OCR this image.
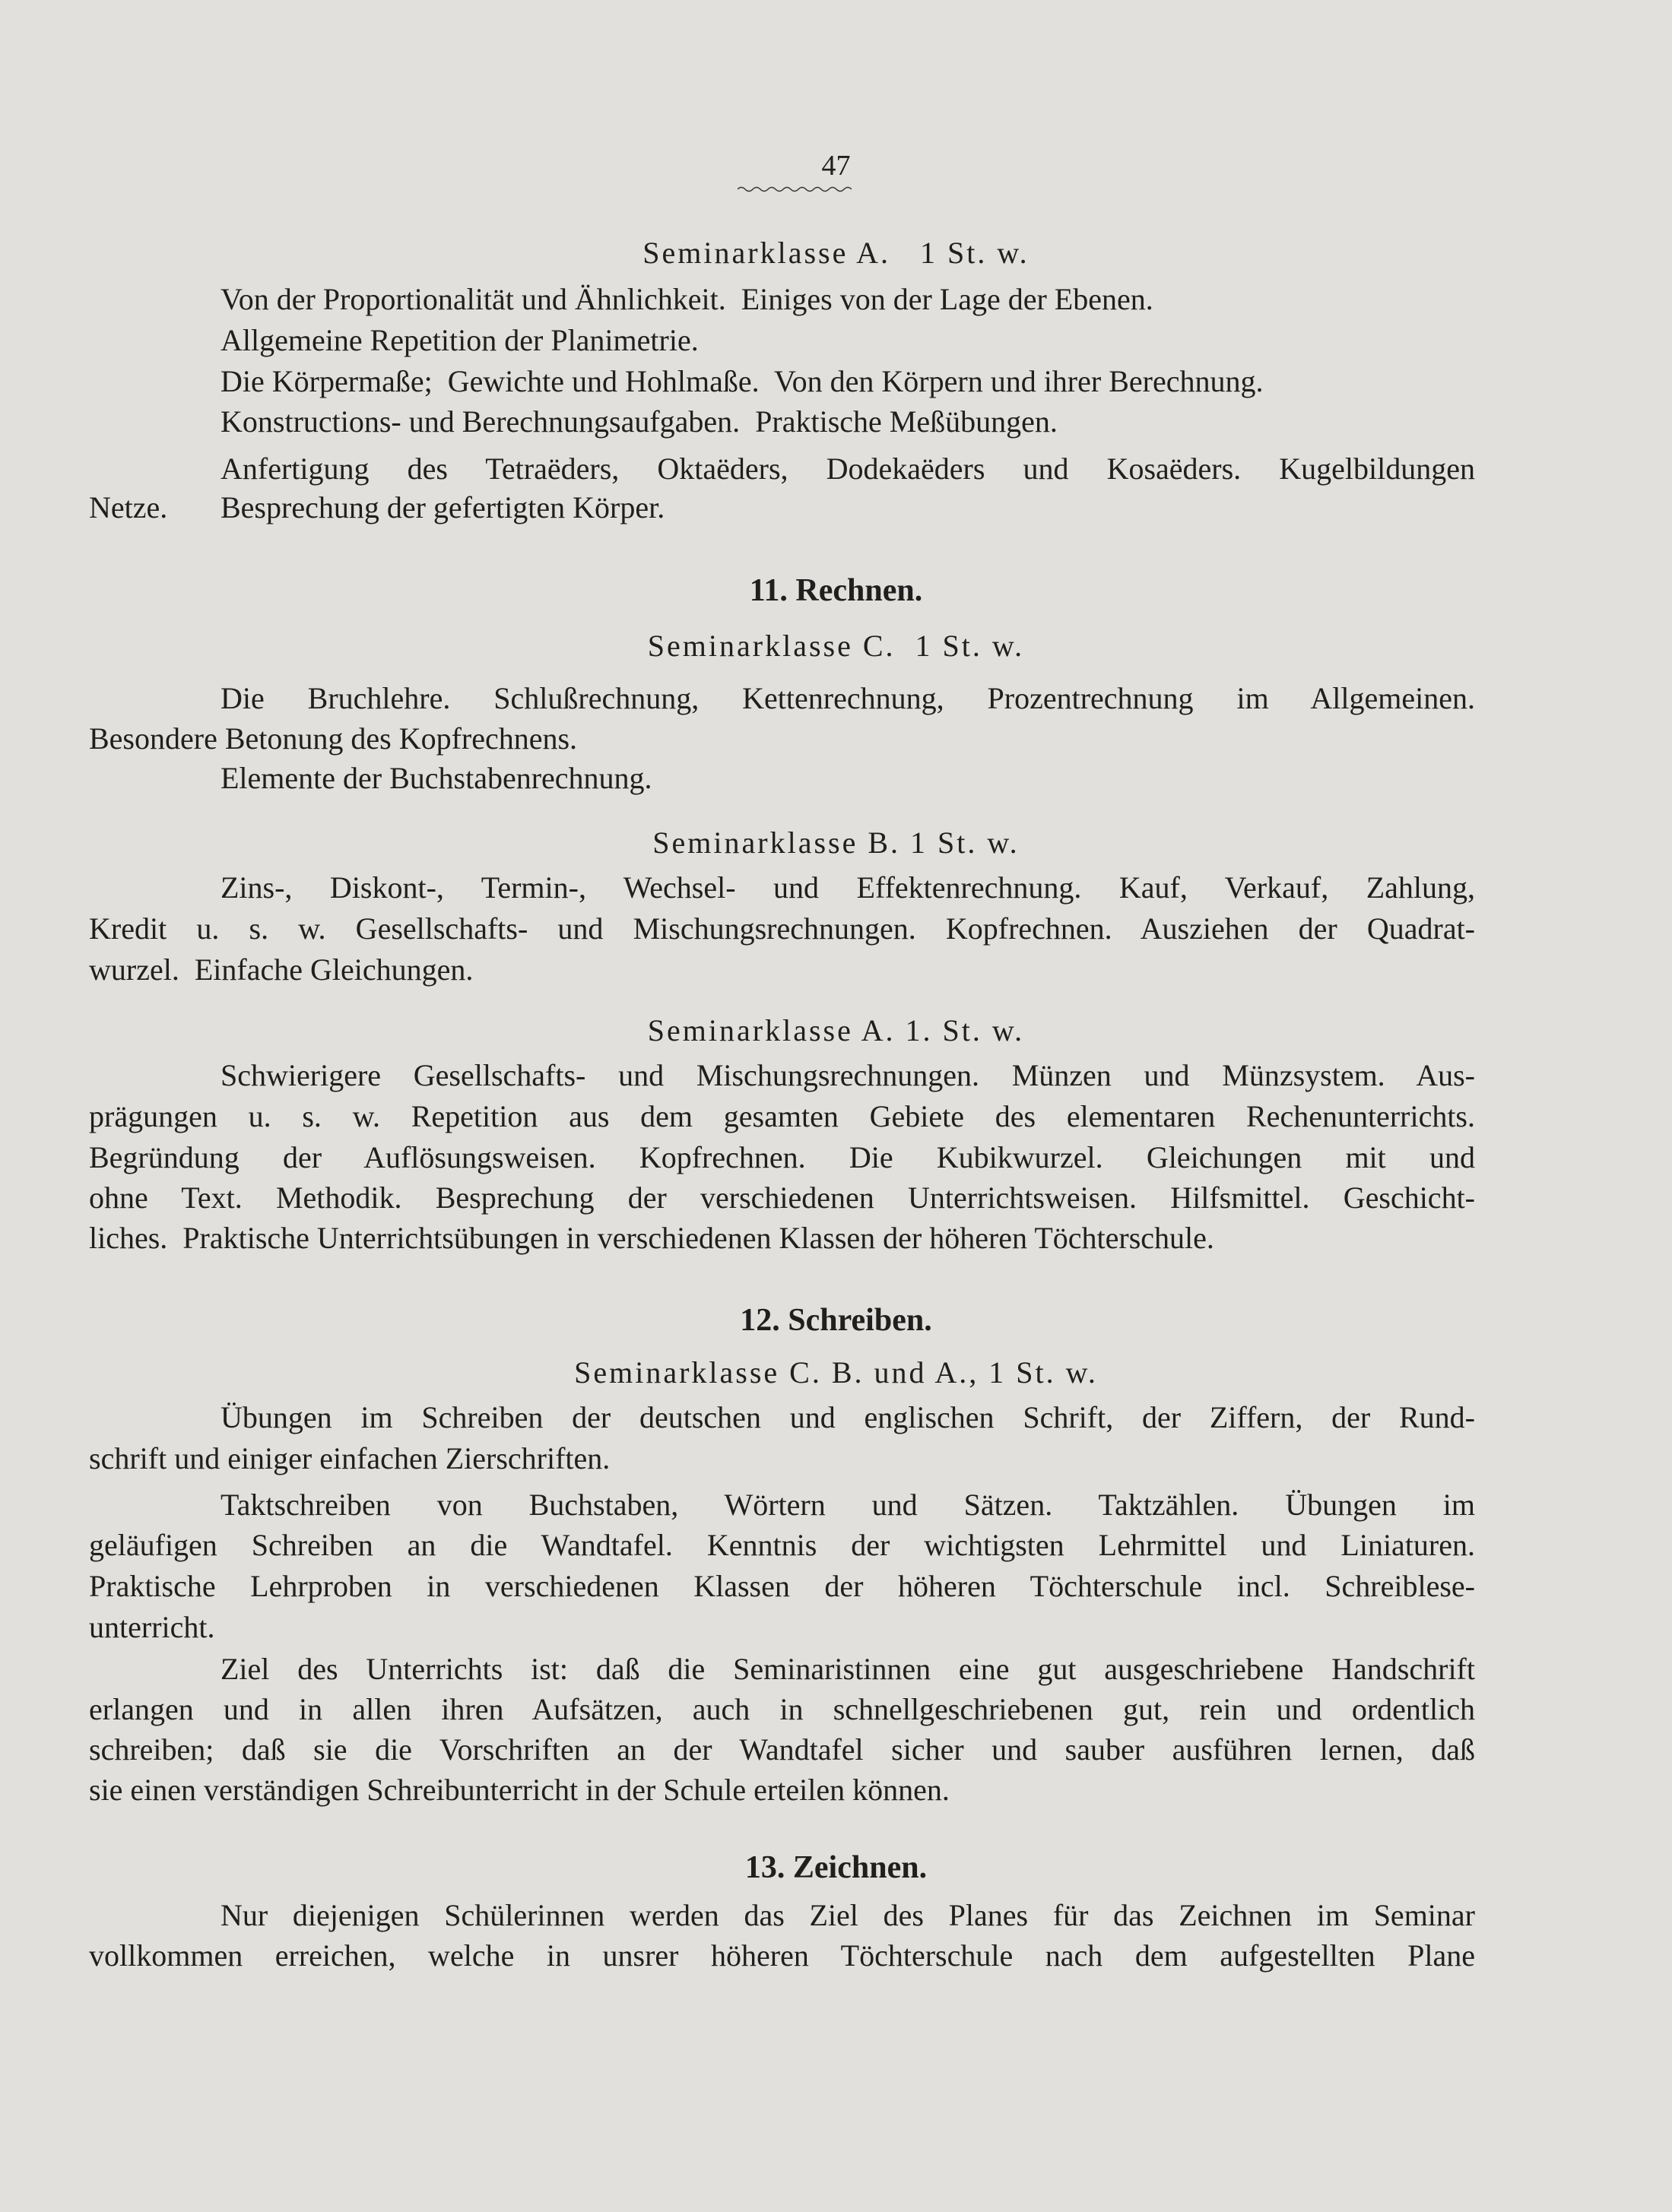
47
Seminarklasse A.   1 St. w.
Von der Proportionalität und Ähnlichkeit.  Einiges von der Lage der Ebenen.
Allgemeine Repetition der Planimetrie.
Die Körpermaße;  Gewichte und Hohlmaße.  Von den Körpern und ihrer Berechnung.
Konstructions- und Berechnungsaufgaben.  Praktische Meßübungen.
Anfertigung des Tetraëders, Oktaëders, Dodekaëders und Kosaëders. Kugelbildungen
Netze. Besprechung der gefertigten Körper.
11. Rechnen.
Seminarklasse C.  1 St. w.
Die Bruchlehre. Schlußrechnung, Kettenrechnung, Prozentrechnung im Allgemeinen.
Besondere Betonung des Kopfrechnens.
Elemente der Buchstabenrechnung.
Seminarklasse B. 1 St. w.
Zins-, Diskont-, Termin-, Wechsel- und Effektenrechnung. Kauf, Verkauf, Zahlung,
Kredit u. s. w. Gesellschafts- und Mischungsrechnungen. Kopfrechnen. Ausziehen der Quadrat-
wurzel.  Einfache Gleichungen.
Seminarklasse A. 1. St. w.
Schwierigere Gesellschafts- und Mischungsrechnungen. Münzen und Münzsystem. Aus-
prägungen u. s. w. Repetition aus dem gesamten Gebiete des elementaren Rechenunterrichts.
Begründung der Auflösungsweisen. Kopfrechnen. Die Kubikwurzel. Gleichungen mit und
ohne Text. Methodik. Besprechung der verschiedenen Unterrichtsweisen. Hilfsmittel. Geschicht-
liches.  Praktische Unterrichtsübungen in verschiedenen Klassen der höheren Töchterschule.
12. Schreiben.
Seminarklasse C. B. und A., 1 St. w.
Übungen im Schreiben der deutschen und englischen Schrift, der Ziffern, der Rund-
schrift und einiger einfachen Zierschriften.
Taktschreiben von Buchstaben, Wörtern und Sätzen. Taktzählen. Übungen im
geläufigen Schreiben an die Wandtafel. Kenntnis der wichtigsten Lehrmittel und Liniaturen.
Praktische Lehrproben in verschiedenen Klassen der höheren Töchterschule incl. Schreiblese-
unterricht.
Ziel des Unterrichts ist: daß die Seminaristinnen eine gut ausgeschriebene Handschrift
erlangen und in allen ihren Aufsätzen, auch in schnellgeschriebenen gut, rein und ordentlich
schreiben; daß sie die Vorschriften an der Wandtafel sicher und sauber ausführen lernen, daß
sie einen verständigen Schreibunterricht in der Schule erteilen können.
13. Zeichnen.
Nur diejenigen Schülerinnen werden das Ziel des Planes für das Zeichnen im Seminar
vollkommen erreichen, welche in unsrer höheren Töchterschule nach dem aufgestellten Plane
